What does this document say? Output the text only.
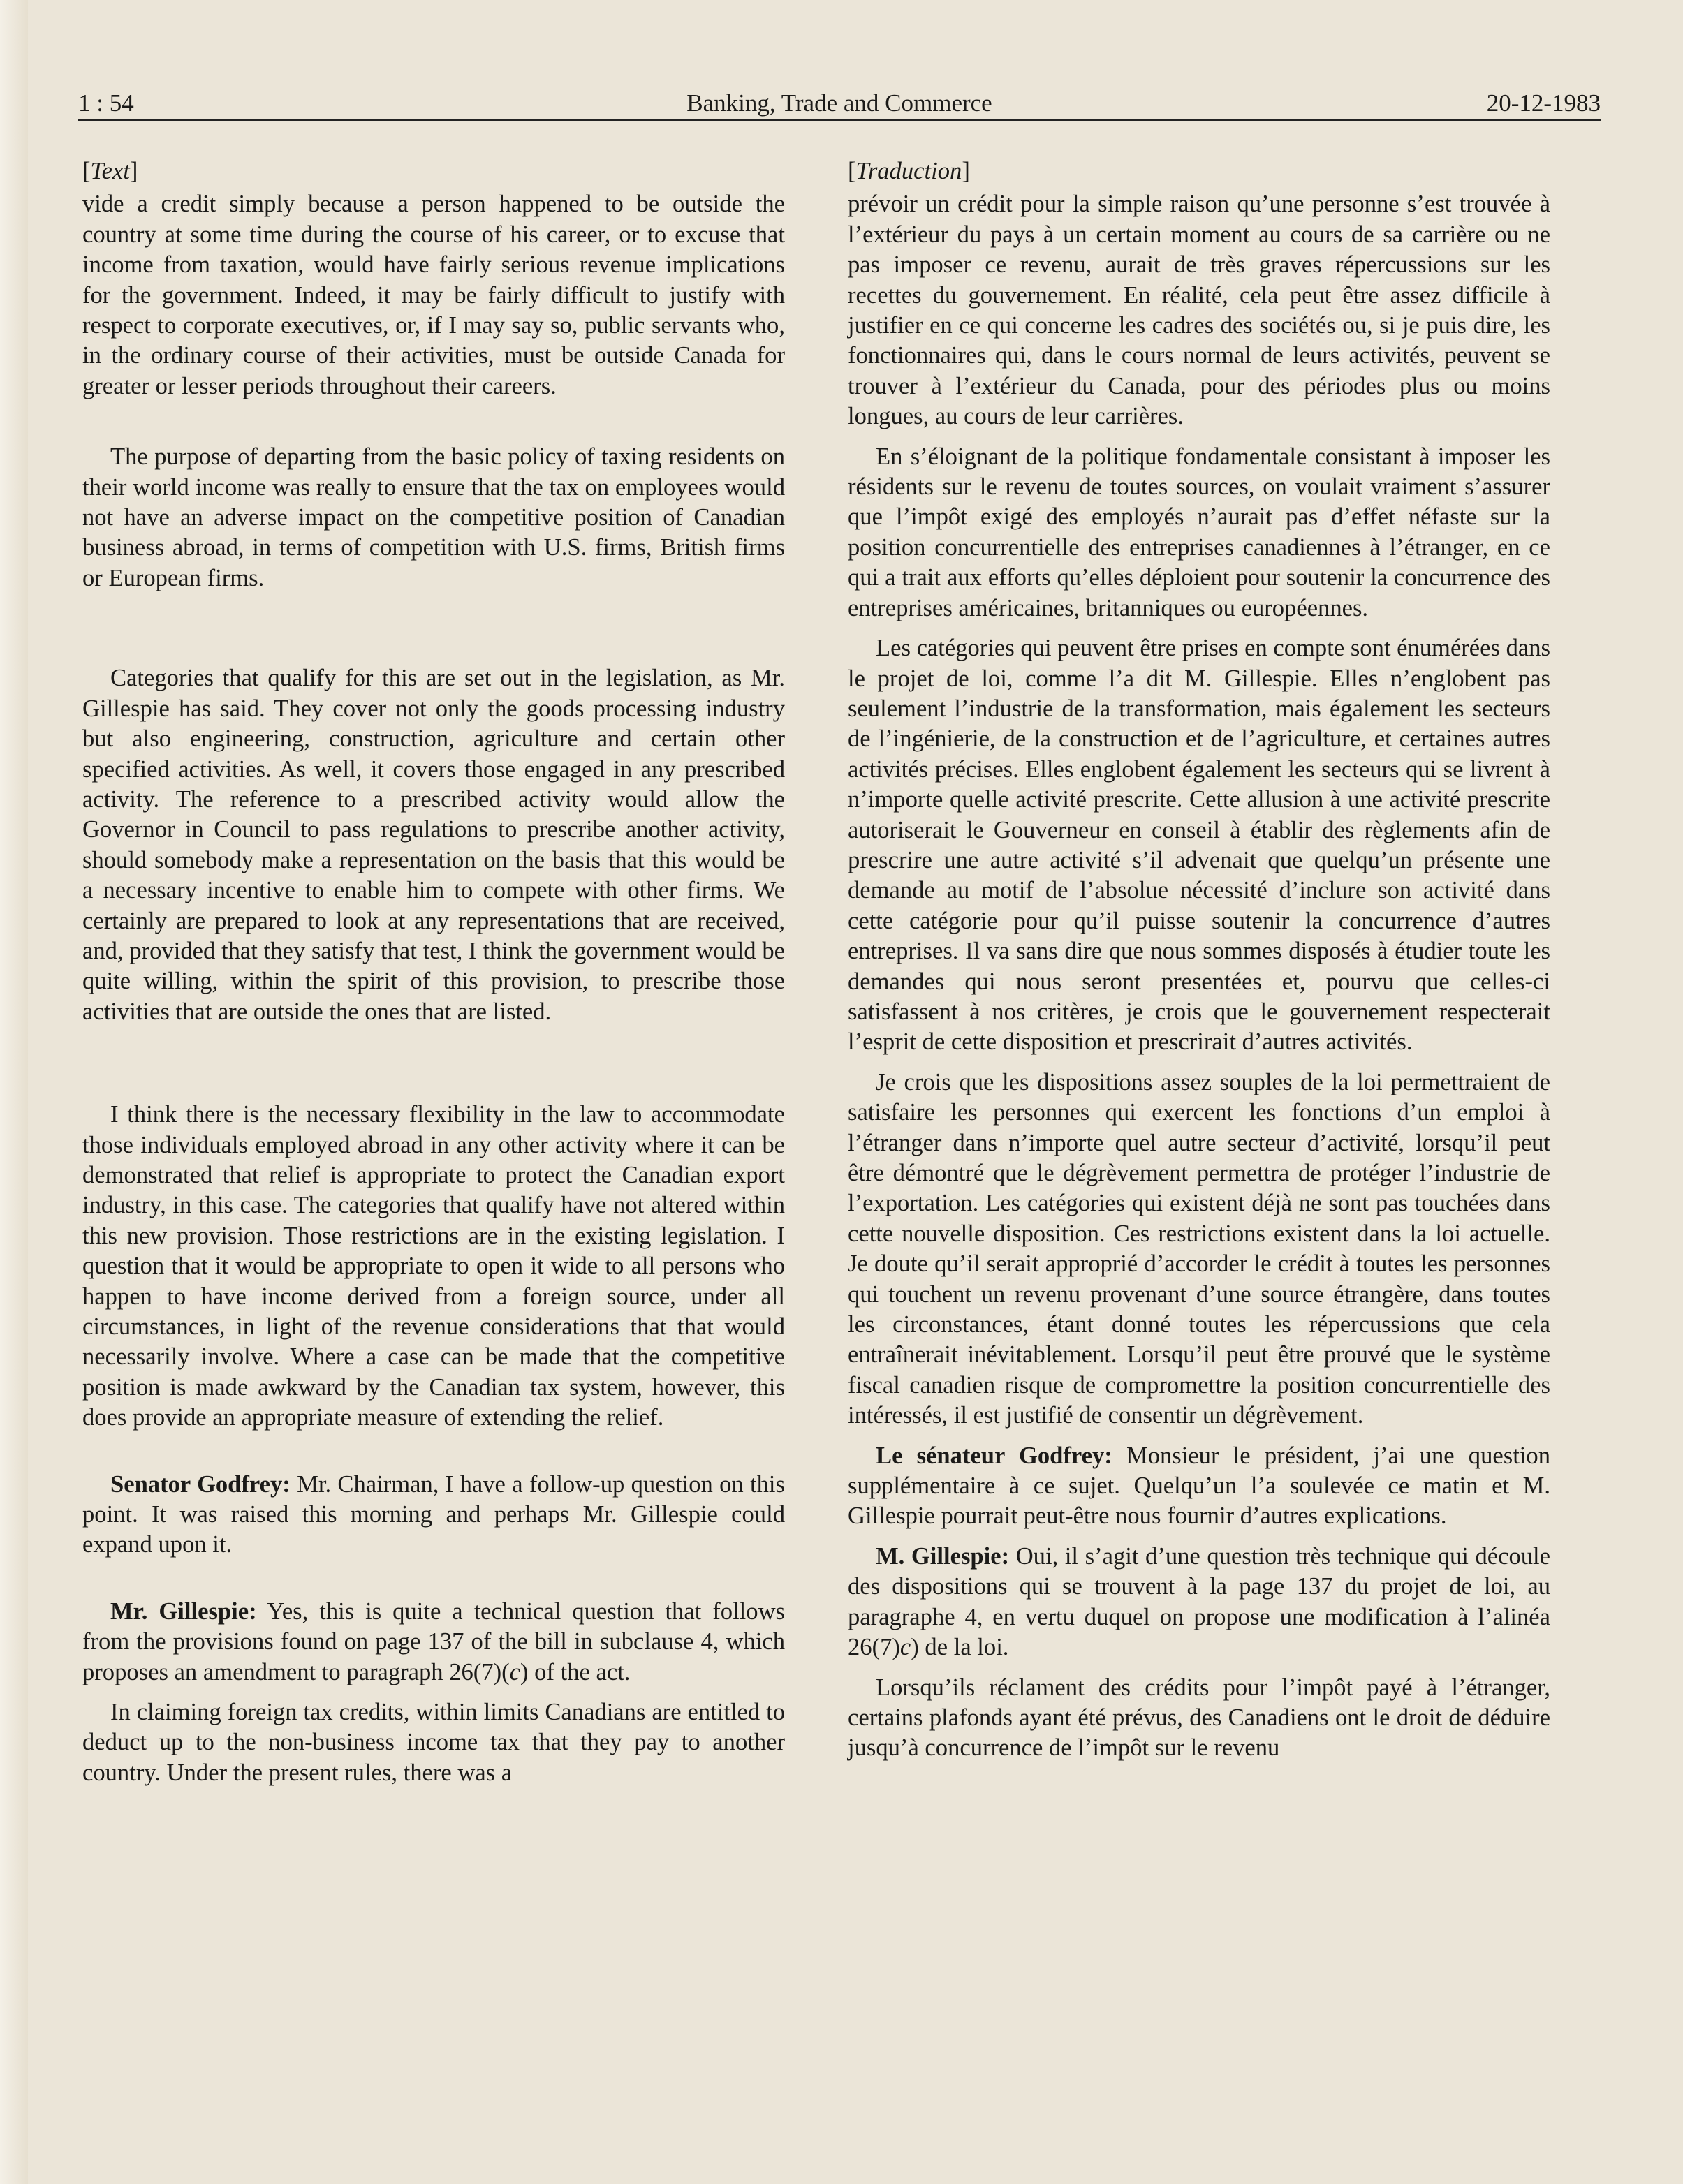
1 : 54	Banking, Trade and Commerce	20-12-1983
[Text]

vide a credit simply because a person happened to be outside the country at some time during the course of his career, or to excuse that income from taxation, would have fairly serious revenue implications for the government. Indeed, it may be fairly difficult to justify with respect to corporate executives, or, if I may say so, public servants who, in the ordinary course of their activities, must be outside Canada for greater or lesser periods throughout their careers.

The purpose of departing from the basic policy of taxing residents on their world income was really to ensure that the tax on employees would not have an adverse impact on the competitive position of Canadian business abroad, in terms of competition with U.S. firms, British firms or European firms.

Categories that qualify for this are set out in the legislation, as Mr. Gillespie has said. They cover not only the goods processing industry but also engineering, construction, agriculture and certain other specified activities. As well, it covers those engaged in any prescribed activity. The reference to a prescribed activity would allow the Governor in Council to pass regulations to prescribe another activity, should somebody make a representation on the basis that this would be a necessary incentive to enable him to compete with other firms. We certainly are prepared to look at any representations that are received, and, provided that they satisfy that test, I think the government would be quite willing, within the spirit of this provision, to prescribe those activities that are outside the ones that are listed.

I think there is the necessary flexibility in the law to accommodate those individuals employed abroad in any other activity where it can be demonstrated that relief is appropriate to protect the Canadian export industry, in this case. The categories that qualify have not altered within this new provision. Those restrictions are in the existing legislation. I question that it would be appropriate to open it wide to all persons who happen to have income derived from a foreign source, under all circumstances, in light of the revenue considerations that that would necessarily involve. Where a case can be made that the competitive position is made awkward by the Canadian tax system, however, this does provide an appropriate measure of extending the relief.

Senator Godfrey: Mr. Chairman, I have a follow-up question on this point. It was raised this morning and perhaps Mr. Gillespie could expand upon it.

Mr. Gillespie: Yes, this is quite a technical question that follows from the provisions found on page 137 of the bill in subclause 4, which proposes an amendment to paragraph 26(7)(c) of the act.

In claiming foreign tax credits, within limits Canadians are entitled to deduct up to the non-business income tax that they pay to another country. Under the present rules, there was a

[Traduction]

prévoir un crédit pour la simple raison qu’une personne s’est trouvée à l’extérieur du pays à un certain moment au cours de sa carrière ou ne pas imposer ce revenu, aurait de très graves répercussions sur les recettes du gouvernement. En réalité, cela peut être assez difficile à justifier en ce qui concerne les cadres des sociétés ou, si je puis dire, les fonctionnaires qui, dans le cours normal de leurs activités, peuvent se trouver à l’extérieur du Canada, pour des périodes plus ou moins longues, au cours de leur carrières.

En s’éloignant de la politique fondamentale consistant à imposer les résidents sur le revenu de toutes sources, on voulait vraiment s’assurer que l’impôt exigé des employés n’aurait pas d’effet néfaste sur la position concurrentielle des entreprises canadiennes à l’étranger, en ce qui a trait aux efforts qu’elles déploient pour soutenir la concurrence des entreprises américaines, britanniques ou européennes.

Les catégories qui peuvent être prises en compte sont énumérées dans le projet de loi, comme l’a dit M. Gillespie. Elles n’englobent pas seulement l’industrie de la transformation, mais également les secteurs de l’ingénierie, de la construction et de l’agriculture, et certaines autres activités précises. Elles englobent également les secteurs qui se livrent à n’importe quelle activité prescrite. Cette allusion à une activité prescrite autoriserait le Gouverneur en conseil à établir des règlements afin de prescrire une autre activité s’il advenait que quelqu’un présente une demande au motif de l’absolue nécessité d’inclure son activité dans cette catégorie pour qu’il puisse soutenir la concurrence d’autres entreprises. Il va sans dire que nous sommes disposés à étudier toute les demandes qui nous seront presentées et, pourvu que celles-ci satisfassent à nos critères, je crois que le gouvernement respecterait l’esprit de cette disposition et prescrirait d’autres activités.

Je crois que les dispositions assez souples de la loi permettraient de satisfaire les personnes qui exercent les fonctions d’un emploi à l’étranger dans n’importe quel autre secteur d’activité, lorsqu’il peut être démontré que le dégrèvement permettra de protéger l’industrie de l’exportation. Les catégories qui existent déjà ne sont pas touchées dans cette nouvelle disposition. Ces restrictions existent dans la loi actuelle. Je doute qu’il serait approprié d’accorder le crédit à toutes les personnes qui touchent un revenu provenant d’une source étrangère, dans toutes les circonstances, étant donné toutes les répercussions que cela entraînerait inévitablement. Lorsqu’il peut être prouvé que le système fiscal canadien risque de compromettre la position concurrentielle des intéressés, il est justifié de consentir un dégrèvement.

Le sénateur Godfrey: Monsieur le président, j’ai une question supplémentaire à ce sujet. Quelqu’un l’a soulevée ce matin et M. Gillespie pourrait peut-être nous fournir d’autres explications.

M. Gillespie: Oui, il s’agit d’une question très technique qui découle des dispositions qui se trouvent à la page 137 du projet de loi, au paragraphe 4, en vertu duquel on propose une modification à l’alinéa 26(7)c) de la loi.

Lorsqu’ils réclament des crédits pour l’impôt payé à l’étranger, certains plafonds ayant été prévus, des Canadiens ont le droit de déduire jusqu’à concurrence de l’impôt sur le revenu
